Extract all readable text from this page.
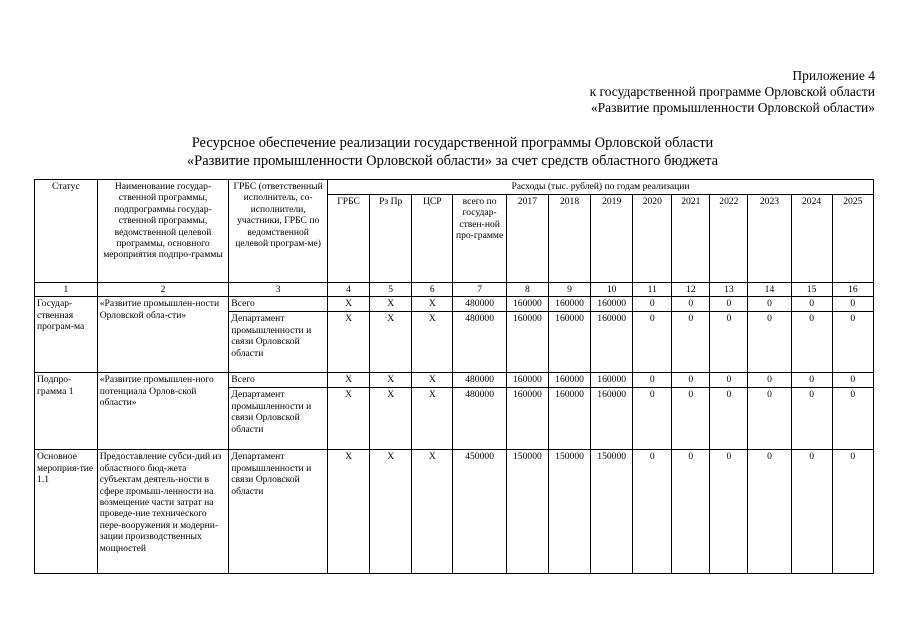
Приложение 4
к государственной программе Орловской области
«Развитие промышленности Орловской области»
Ресурсное обеспечение реализации государственной программы Орловской области
«Развитие промышленности Орловской области» за счет средств областного бюджета
Статус	Наименование государ-ственной программы, подпрограммы государ-ственной программы, ведомственной целевой программы, основного мероприятия подпро-граммы	ГРБС (ответственный исполнитель, со-исполнители, участники, ГРБС по ведомственной целевой програм-ме)	Расходы (тыс. рублей) по годам реализации												
			ГРБС	Рз Пр	ЦСР	всего по государ-ствен-ной про-грамме	2017	2018	2019	2020	2021	2022	2023	2024	2025
1	2	3	4	5	6	7	8	9	10	11	12	13	14	15	16
Государ-ственная програм-ма	«Развитие промышлен-ности Орловской обла-сти»	Всего	Х	Х	Х	480000	160000	160000	160000	0	0	0	0	0	0
		Департамент промышленности и связи Орловской области	Х	Х	Х	480000	160000	160000	160000	0	0	0	0	0	0
Подпро-грамма 1	«Развитие промышлен-ного потенциала Орлов-ской области»	Всего	Х	Х	Х	480000	160000	160000	160000	0	0	0	0	0	0
		Департамент промышленности и связи Орловской области	Х	Х	Х	480000	160000	160000	160000	0	0	0	0	0	0
Основное мероприя-тие 1.1	Предоставление субси-дий из областного бюд-жета субъектам деятель-ности в сфере промыш-ленности на возмещение части затрат на проведе-ние технического пере-вооружения и модерни-зации производственных мощностей	Департамент промышленности и связи Орловской области	Х	Х	Х	450000	150000	150000	150000	0	0	0	0	0	0
